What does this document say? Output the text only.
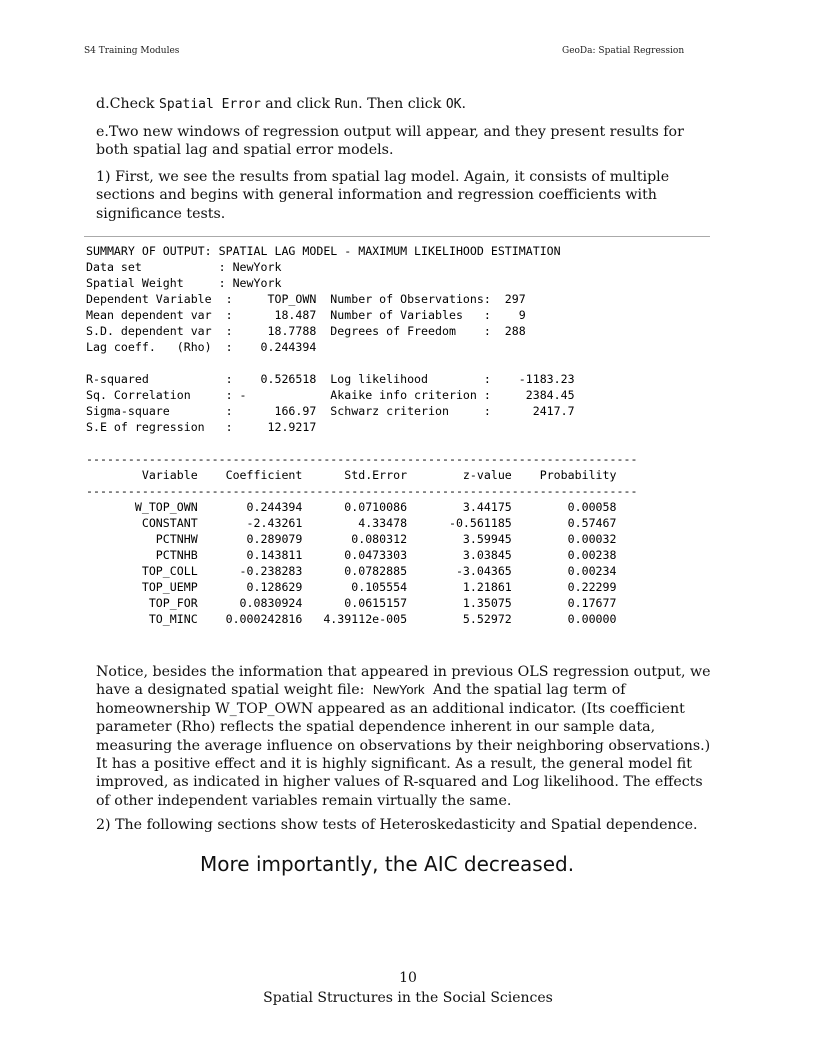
S4 Training Modules	GeoDa: Spatial Regression
d.Check Spatial Error and click Run. Then click OK.
e.Two new windows of regression output will appear, and they present results for both spatial lag and spatial error models.
1) First, we see the results from spatial lag model. Again, it consists of multiple sections and begins with general information and regression coefficients with significance tests.
SUMMARY OF OUTPUT: SPATIAL LAG MODEL - MAXIMUM LIKELIHOOD ESTIMATION
Data set           : NewYork
Spatial Weight     : NewYork
Dependent Variable  :     TOP_OWN  Number of Observations:  297
Mean dependent var  :      18.487  Number of Variables   :    9
S.D. dependent var  :     18.7788  Degrees of Freedom    :  288
Lag coeff.   (Rho)  :    0.244394

R-squared           :    0.526518  Log likelihood        :    -1183.23
Sq. Correlation     : -            Akaike info criterion :     2384.45
Sigma-square        :      166.97  Schwarz criterion     :      2417.7
S.E of regression   :     12.9217

-------------------------------------------------------------------------------
Variable    Coefficient      Std.Error        z-value    Probability
-------------------------------------------------------------------------------
W_TOP_OWN       0.244394      0.0710086        3.44175        0.00058
CONSTANT       -2.43261        4.33478      -0.561185        0.57467
PCTNHW       0.289079       0.080312        3.59945        0.00032
PCTNHB       0.143811      0.0473303        3.03845        0.00238
TOP_COLL      -0.238283      0.0782885       -3.04365        0.00234
TOP_UEMP       0.128629       0.105554        1.21861        0.22299
TOP_FOR      0.0830924      0.0615157        1.35075        0.17677
TO_MINC    0.000242816   4.39112e-005        5.52972        0.00000

Notice, besides the information that appeared in previous OLS regression output, we have a designated spatial weight file: NewYork And the spatial lag term of homeownership W_TOP_OWN appeared as an additional indicator. (Its coefficient parameter (Rho) reflects the spatial dependence inherent in our sample data, measuring the average influence on observations by their neighboring observations.) It has a positive effect and it is highly significant. As a result, the general model fit improved, as indicated in higher values of R-squared and Log likelihood. The effects of other independent variables remain virtually the same.
2) The following sections show tests of Heteroskedasticity and Spatial dependence.
More importantly, the AIC decreased.
10
Spatial Structures in the Social Sciences
